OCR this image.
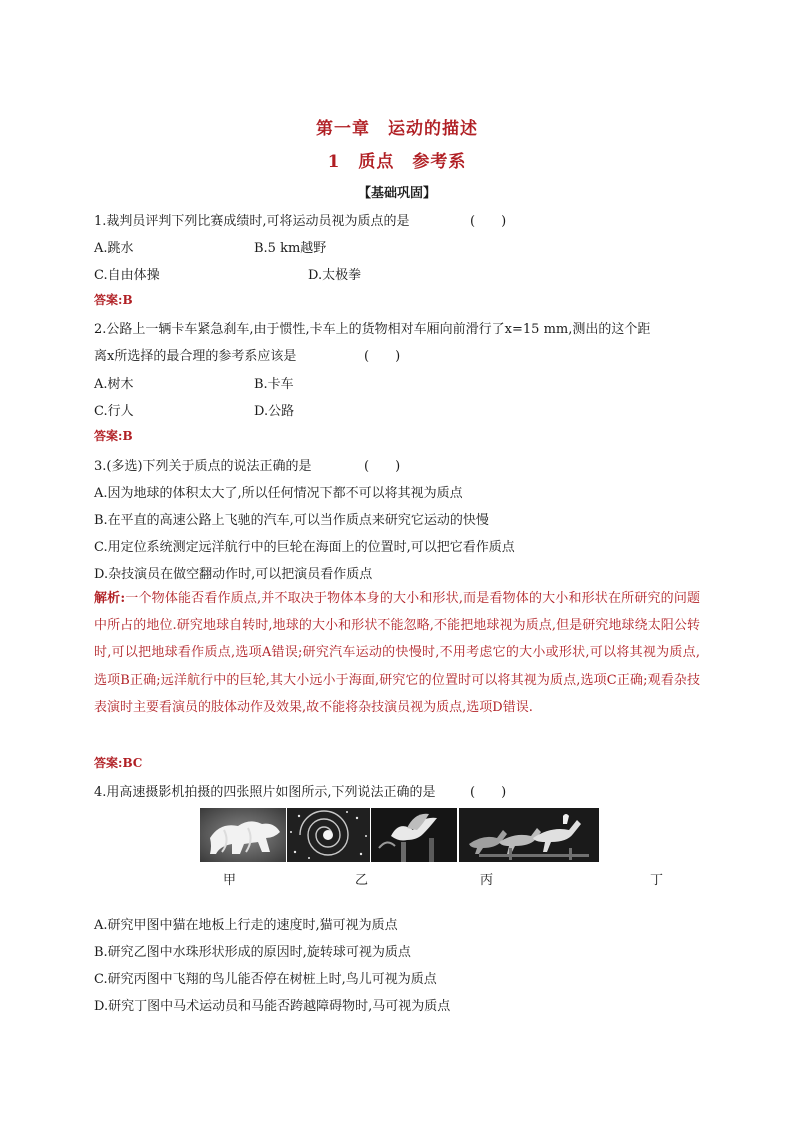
第一章　运动的描述
1　质点　参考系
【基础巩固】
1.裁判员评判下列比赛成绩时,可将运动员视为质点的是	(　　)
A.跳水	B.5 km越野
C.自由体操	D.太极拳
答案:B
2.公路上一辆卡车紧急刹车,由于惯性,卡车上的货物相对车厢向前滑行了x=15 mm,测出的这个距
离x所选择的最合理的参考系应该是	(　　)
A.树木	B.卡车
C.行人	D.公路
答案:B
3.(多选)下列关于质点的说法正确的是	(　　)
A.因为地球的体积太大了,所以任何情况下都不可以将其视为质点
B.在平直的高速公路上飞驰的汽车,可以当作质点来研究它运动的快慢
C.用定位系统测定远洋航行中的巨轮在海面上的位置时,可以把它看作质点
D.杂技演员在做空翻动作时,可以把演员看作质点
解析:一个物体能否看作质点,并不取决于物体本身的大小和形状,而是看物体的大小和形状在所研究的问题中所占的地位.研究地球自转时,地球的大小和形状不能忽略,不能把地球视为质点,但是研究地球绕太阳公转时,可以把地球看作质点,选项A错误;研究汽车运动的快慢时,不用考虑它的大小或形状,可以将其视为质点,选项B正确;远洋航行中的巨轮,其大小远小于海面,研究它的位置时可以将其视为质点,选项C正确;观看杂技表演时主要看演员的肢体动作及效果,故不能将杂技演员视为质点,选项D错误.
答案:BC
4.用高速摄影机拍摄的四张照片如图所示,下列说法正确的是	(　　)
甲	乙	丙	丁
A.研究甲图中猫在地板上行走的速度时,猫可视为质点
B.研究乙图中水珠形状形成的原因时,旋转球可视为质点
C.研究丙图中飞翔的鸟儿能否停在树桩上时,鸟儿可视为质点
D.研究丁图中马术运动员和马能否跨越障碍物时,马可视为质点
